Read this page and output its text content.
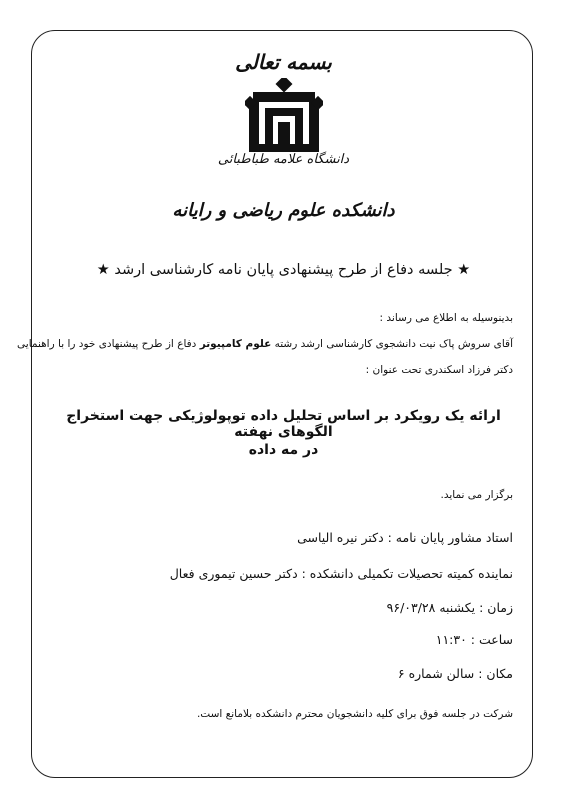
بسمه تعالی
دانشگاه علامه طباطبائی
دانشکده علوم ریاضی و رایانه
★ جلسه دفاع از طرح پیشنهادی پایان نامه کارشناسی ارشد ★
بدینوسیله به اطلاع می رساند :
آقای سروش پاک نیت دانشجوی کارشناسی ارشد رشته علوم کامپیوتر دفاع از طرح پیشنهادی خود را با راهنمایی
دکتر فرزاد اسکندری تحت عنوان :
ارائه یک رویکرد بر اساس تحلیل داده توپولوژیکی جهت استخراج الگوهای نهفته
در مه داده
برگزار می نماید.
استاد مشاور پایان نامه : دکتر نیره الیاسی
نماینده کمیته تحصیلات تکمیلی دانشکده : دکتر حسین تیموری فعال
زمان : یکشنبه ۹۶/۰۳/۲۸
ساعت : ۱۱:۳۰
مکان : سالن شماره ۶
شرکت در جلسه فوق برای کلیه دانشجویان محترم دانشکده بلامانع است.
